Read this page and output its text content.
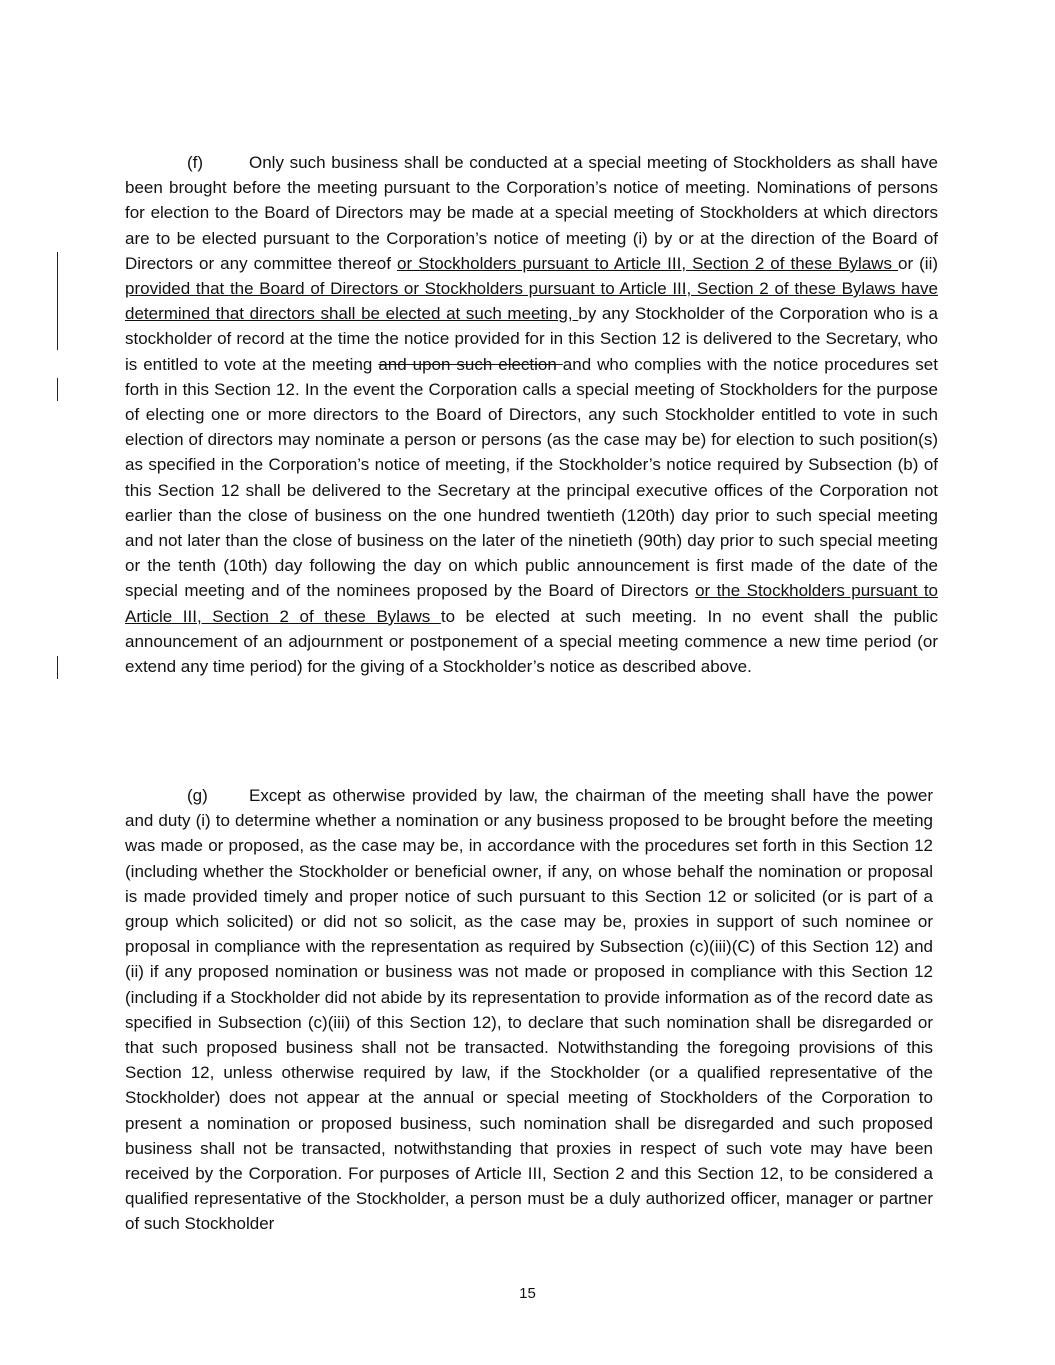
(f)	Only such business shall be conducted at a special meeting of Stockholders as shall have been brought before the meeting pursuant to the Corporation’s notice of meeting. Nominations of persons for election to the Board of Directors may be made at a special meeting of Stockholders at which directors are to be elected pursuant to the Corporation’s notice of meeting (i) by or at the direction of the Board of Directors or any committee thereof or Stockholders pursuant to Article III, Section 2 of these Bylaws or (ii) provided that the Board of Directors or Stockholders pursuant to Article III, Section 2 of these Bylaws have determined that directors shall be elected at such meeting, by any Stockholder of the Corporation who is a stockholder of record at the time the notice provided for in this Section 12 is delivered to the Secretary, who is entitled to vote at the meeting and upon such election and who complies with the notice procedures set forth in this Section 12. In the event the Corporation calls a special meeting of Stockholders for the purpose of electing one or more directors to the Board of Directors, any such Stockholder entitled to vote in such election of directors may nominate a person or persons (as the case may be) for election to such position(s) as specified in the Corporation’s notice of meeting, if the Stockholder’s notice required by Subsection (b) of this Section 12 shall be delivered to the Secretary at the principal executive offices of the Corporation not earlier than the close of business on the one hundred twentieth (120th) day prior to such special meeting and not later than the close of business on the later of the ninetieth (90th) day prior to such special meeting or the tenth (10th) day following the day on which public announcement is first made of the date of the special meeting and of the nominees proposed by the Board of Directors or the Stockholders pursuant to Article III, Section 2 of these Bylaws to be elected at such meeting. In no event shall the public announcement of an adjournment or postponement of a special meeting commence a new time period (or extend any time period) for the giving of a Stockholder’s notice as described above.

(g) Except as otherwise provided by law, the chairman of the meeting shall have the power and duty (i) to determine whether a nomination or any business proposed to be brought before the meeting was made or proposed, as the case may be, in accordance with the procedures set forth in this Section 12 (including whether the Stockholder or beneficial owner, if any, on whose behalf the nomination or proposal is made provided timely and proper notice of such pursuant to this Section 12 or solicited (or is part of a group which solicited) or did not so solicit, as the case may be, proxies in support of such nominee or proposal in compliance with the representation as required by Subsection (c)(iii)(C) of this Section 12) and (ii) if any proposed nomination or business was not made or proposed in compliance with this Section 12 (including if a Stockholder did not abide by its representation to provide information as of the record date as specified in Subsection (c)(iii) of this Section 12), to declare that such nomination shall be disregarded or that such proposed business shall not be transacted. Notwithstanding the foregoing provisions of this Section 12, unless otherwise required by law, if the Stockholder (or a qualified representative of the Stockholder) does not appear at the annual or special meeting of Stockholders of the Corporation to present a nomination or proposed business, such nomination shall be disregarded and such proposed business shall not be transacted, notwithstanding that proxies in respect of such vote may have been received by the Corporation. For purposes of Article III, Section 2 and this Section 12, to be considered a qualified representative of the Stockholder, a person must be a duly authorized officer, manager or partner of such Stockholder

15
